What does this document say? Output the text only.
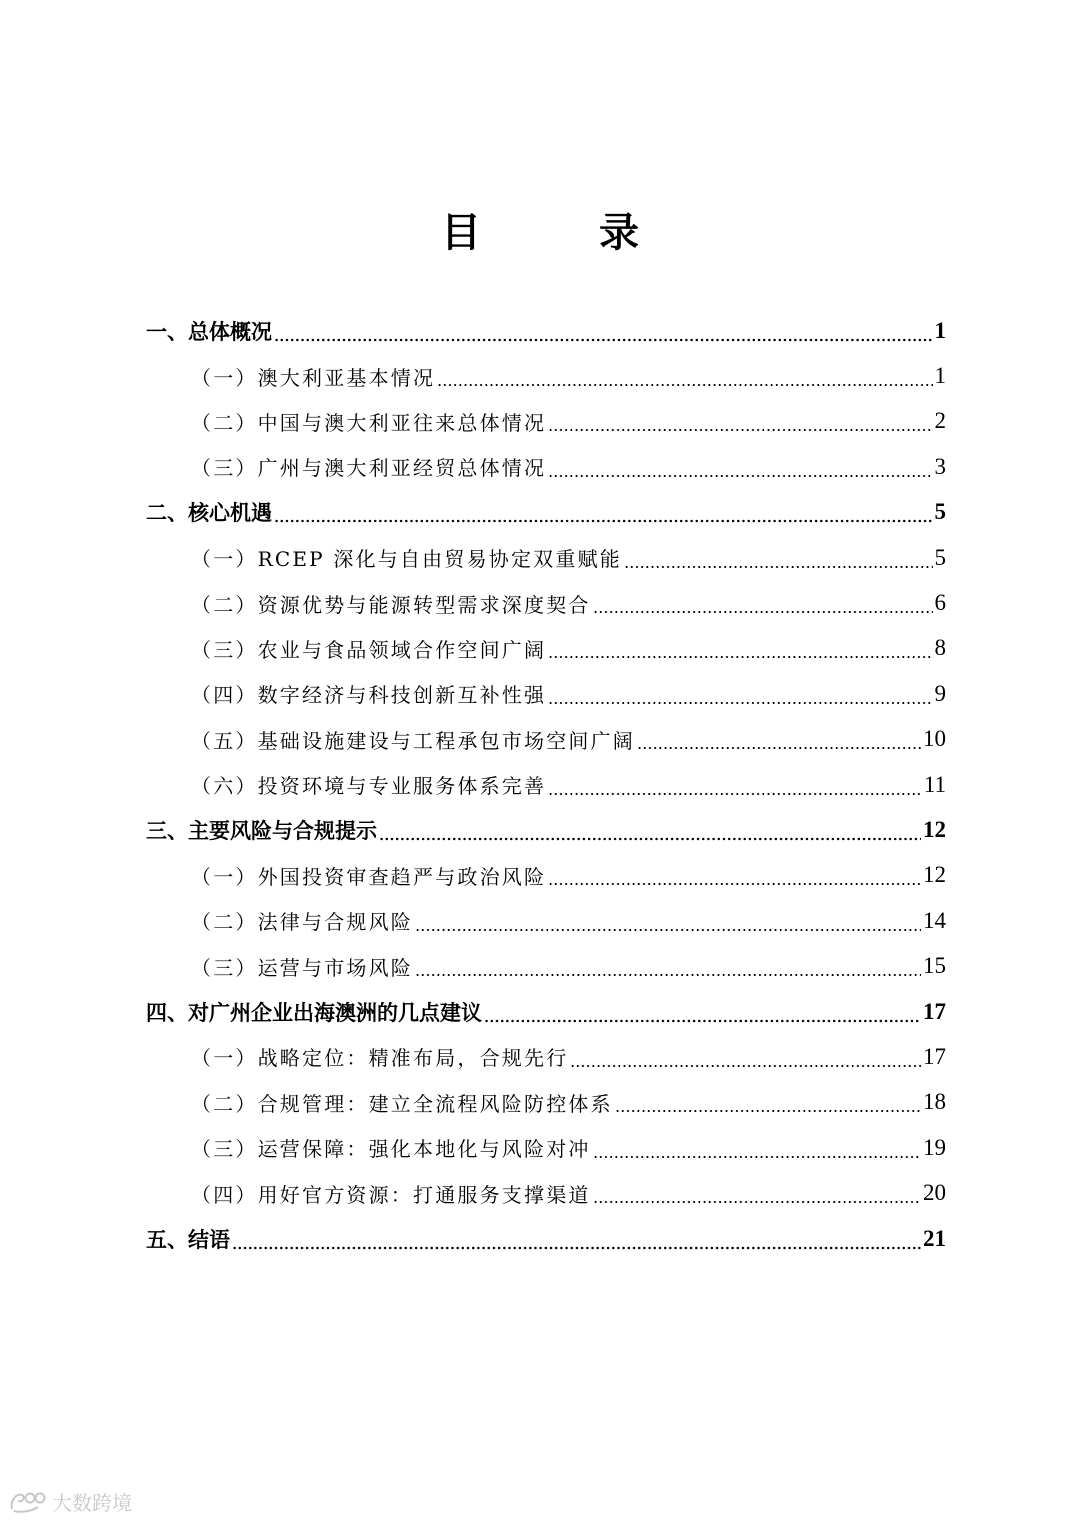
目 录
一、总体概况	1
（一）澳大利亚基本情况	1
（二）中国与澳大利亚往来总体情况	2
（三）广州与澳大利亚经贸总体情况	3
二、核心机遇	5
（一）RCEP 深化与自由贸易协定双重赋能	5
（二）资源优势与能源转型需求深度契合	6
（三）农业与食品领域合作空间广阔	8
（四）数字经济与科技创新互补性强	9
（五）基础设施建设与工程承包市场空间广阔	10
（六）投资环境与专业服务体系完善	11
三、主要风险与合规提示	12
（一）外国投资审查趋严与政治风险	12
（二）法律与合规风险	14
（三）运营与市场风险	15
四、对广州企业出海澳洲的几点建议	17
（一）战略定位：精准布局，合规先行	17
（二）合规管理：建立全流程风险防控体系	18
（三）运营保障：强化本地化与风险对冲	19
（四）用好官方资源：打通服务支撑渠道	20
五、结语	21
大数跨境
